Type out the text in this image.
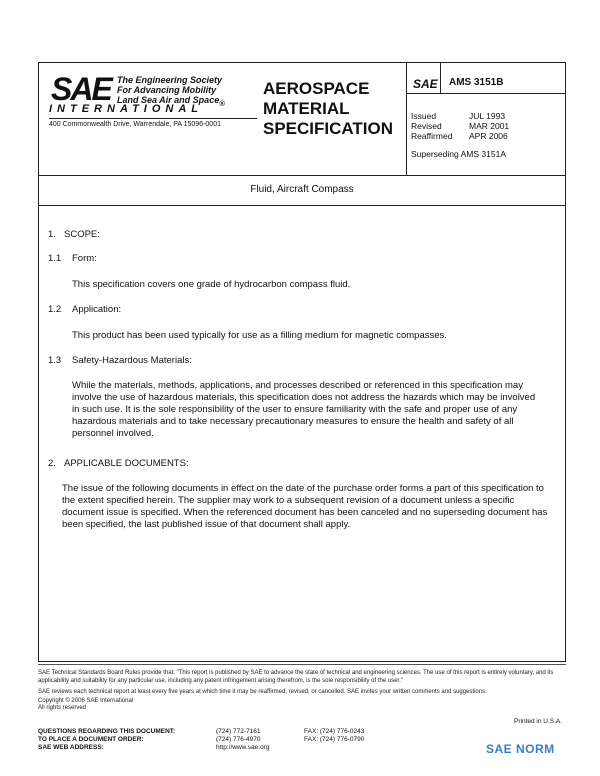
SAE The Engineering Society
For Advancing Mobility
Land Sea Air and Space$_®$
INTERNATIONAL
400 Commonwealth Drive, Warrendale, PA 15096-0001
AEROSPACE
MATERIAL
SPECIFICATION
SAE AMS 3151B
Issued	JUL 1993
Revised	MAR 2001
Reaffirmed APR 2006
Superseding AMS 3151A
Fluid, Aircraft Compass
1. SCOPE:
1.1 Form:
This specification covers one grade of hydrocarbon compass fluid.
1.2 Application:
This product has been used typically for use as a filling medium for magnetic compasses.
1.3 Safety-Hazardous Materials:
While the materials, methods, applications, and processes described or referenced in this specification may involve the use of hazardous materials, this specification does not address the hazards which may be involved in such use. It is the sole responsibility of the user to ensure familiarity with the safe and proper use of any hazardous materials and to take necessary precautionary measures to ensure the health and safety of all personnel involved.
2. APPLICABLE DOCUMENTS:
The issue of the following documents in effect on the date of the purchase order forms a part of this specification to the extent specified herein. The supplier may work to a subsequent revision of a document unless a specific document issue is specified. When the referenced document has been canceled and no superseding document has been specified, the last published issue of that document shall apply.
SAE Technical Standards Board Rules provide that: "This report is published by SAE to advance the state of technical and engineering sciences. The use of this report is entirely voluntary, and its applicability and suitability for any particular use, including any patent infringement arising therefrom, is the sole responsibility of the user."
SAE reviews each technical report at least every five years at which time it may be reaffirmed, revised, or cancelled. SAE invites your written comments and suggestions.
Copyright © 2006 SAE International
All rights reserved
Printed in U.S.A.
QUESTIONS REGARDING THIS DOCUMENT:	(724) 772-7161	FAX: (724) 776-0243
TO PLACE A DOCUMENT ORDER:	(724) 776-4970	FAX: (724) 776-0790
SAE WEB ADDRESS:	http://www.sae.org	SAE NORM
